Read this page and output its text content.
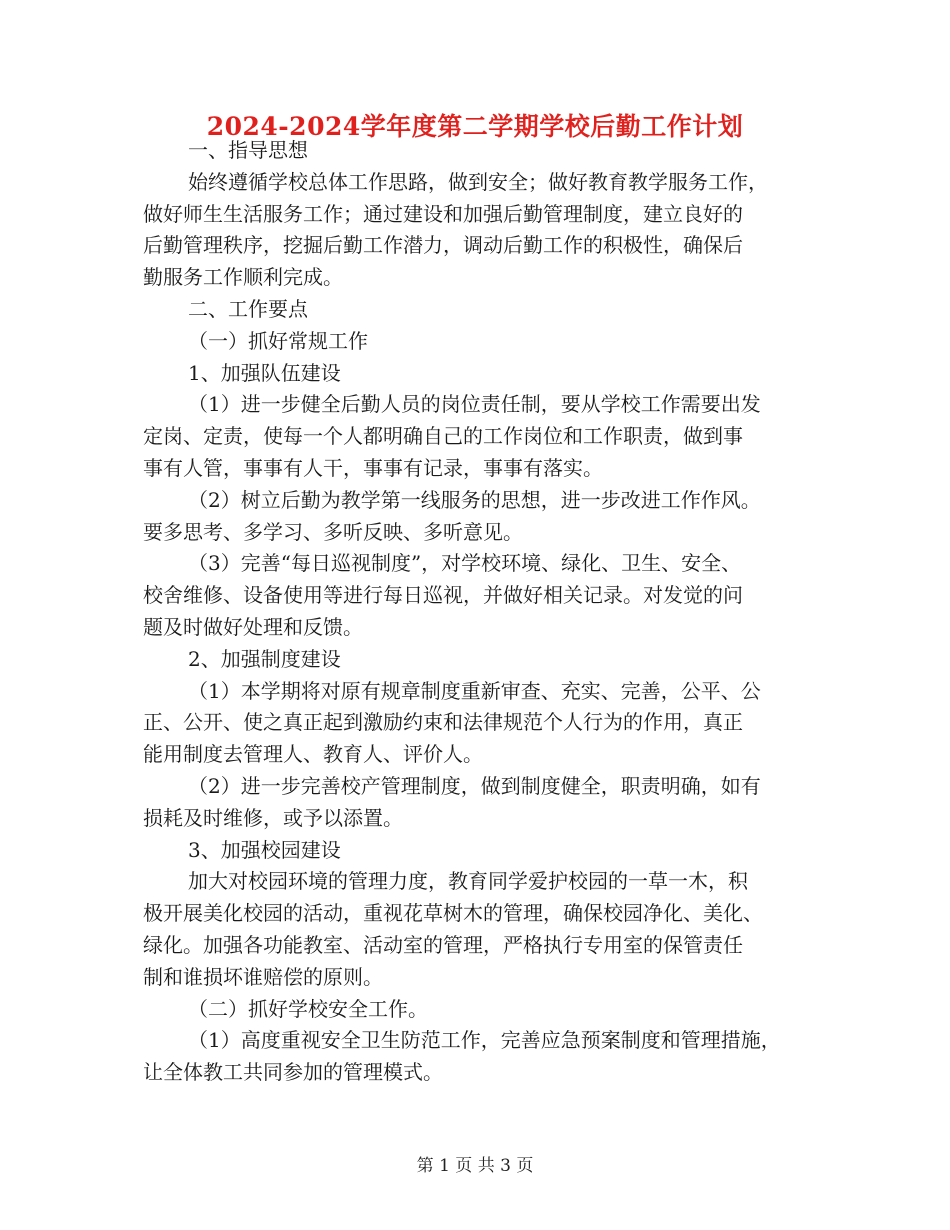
2024-2024学年度第二学期学校后勤工作计划

一、指导思想

始终遵循学校总体工作思路，做到安全；做好教育教学服务工作，

做好师生生活服务工作；通过建设和加强后勤管理制度，建立良好的

后勤管理秩序，挖掘后勤工作潜力，调动后勤工作的积极性，确保后

勤服务工作顺利完成。

二、工作要点

（一）抓好常规工作

1、加强队伍建设

（1）进一步健全后勤人员的岗位责任制，要从学校工作需要出发

定岗、定责，使每一个人都明确自己的工作岗位和工作职责，做到事

事有人管，事事有人干，事事有记录，事事有落实。

（2）树立后勤为教学第一线服务的思想，进一步改进工作作风。

要多思考、多学习、多听反映、多听意见。

（3）完善“每日巡视制度”，对学校环境、绿化、卫生、安全、

校舍维修、设备使用等进行每日巡视，并做好相关记录。对发觉的问

题及时做好处理和反馈。

2、加强制度建设

（1）本学期将对原有规章制度重新审查、充实、完善，公平、公

正、公开、使之真正起到激励约束和法律规范个人行为的作用，真正

能用制度去管理人、教育人、评价人。

（2）进一步完善校产管理制度，做到制度健全，职责明确，如有

损耗及时维修，或予以添置。

3、加强校园建设

加大对校园环境的管理力度，教育同学爱护校园的一草一木，积

极开展美化校园的活动，重视花草树木的管理，确保校园净化、美化、

绿化。加强各功能教室、活动室的管理，严格执行专用室的保管责任

制和谁损坏谁赔偿的原则。

（二）抓好学校安全工作。

（1）高度重视安全卫生防范工作，完善应急预案制度和管理措施，

让全体教工共同参加的管理模式。

第 1 页 共 3 页
